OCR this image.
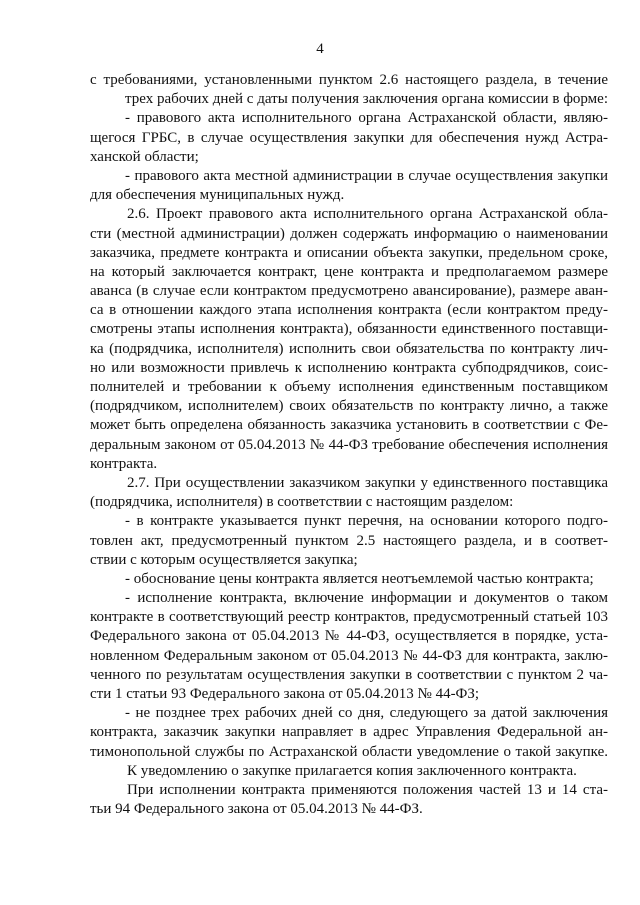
4
с требованиями, установленными пунктом 2.6 настоящего раздела, в течение
трех рабочих дней с даты получения заключения органа комиссии в форме:
- правового акта исполнительного органа Астраханской области, являю-
щегося ГРБС, в случае осуществления закупки для обеспечения нужд Астра-
ханской области;
- правового акта местной администрации в случае осуществления закупки
для обеспечения муниципальных нужд.
2.6. Проект правового акта исполнительного органа Астраханской обла-
сти (местной администрации) должен содержать информацию о наименовании
заказчика, предмете контракта и описании объекта закупки, предельном сроке,
на который заключается контракт, цене контракта и предполагаемом размере
аванса (в случае если контрактом предусмотрено авансирование), размере аван-
са в отношении каждого этапа исполнения контракта (если контрактом преду-
смотрены этапы исполнения контракта), обязанности единственного поставщи-
ка (подрядчика, исполнителя) исполнить свои обязательства по контракту лич-
но или возможности привлечь к исполнению контракта субподрядчиков, соис-
полнителей и требовании к объему исполнения единственным поставщиком
(подрядчиком, исполнителем) своих обязательств по контракту лично, а также
может быть определена обязанность заказчика установить в соответствии с Фе-
деральным законом от 05.04.2013 № 44-ФЗ требование обеспечения исполнения
контракта.
2.7. При осуществлении заказчиком закупки у единственного поставщика
(подрядчика, исполнителя) в соответствии с настоящим разделом:
- в контракте указывается пункт перечня, на основании которого подго-
товлен акт, предусмотренный пунктом 2.5 настоящего раздела, и в соответ-
ствии с которым осуществляется закупка;
- обоснование цены контракта является неотъемлемой частью контракта;
- исполнение контракта, включение информации и документов о таком
контракте в соответствующий реестр контрактов, предусмотренный статьей 103
Федерального закона от 05.04.2013 № 44-ФЗ, осуществляется в порядке, уста-
новленном Федеральным законом от 05.04.2013 № 44-ФЗ для контракта, заклю-
ченного по результатам осуществления закупки в соответствии с пунктом 2 ча-
сти 1 статьи 93 Федерального закона от 05.04.2013 № 44-ФЗ;
- не позднее трех рабочих дней со дня, следующего за датой заключения
контракта, заказчик закупки направляет в адрес Управления Федеральной ан-
тимонопольной службы по Астраханской области уведомление о такой закупке.
К уведомлению о закупке прилагается копия заключенного контракта.
При исполнении контракта применяются положения частей 13 и 14 ста-
тьи 94 Федерального закона от 05.04.2013 № 44-ФЗ.
